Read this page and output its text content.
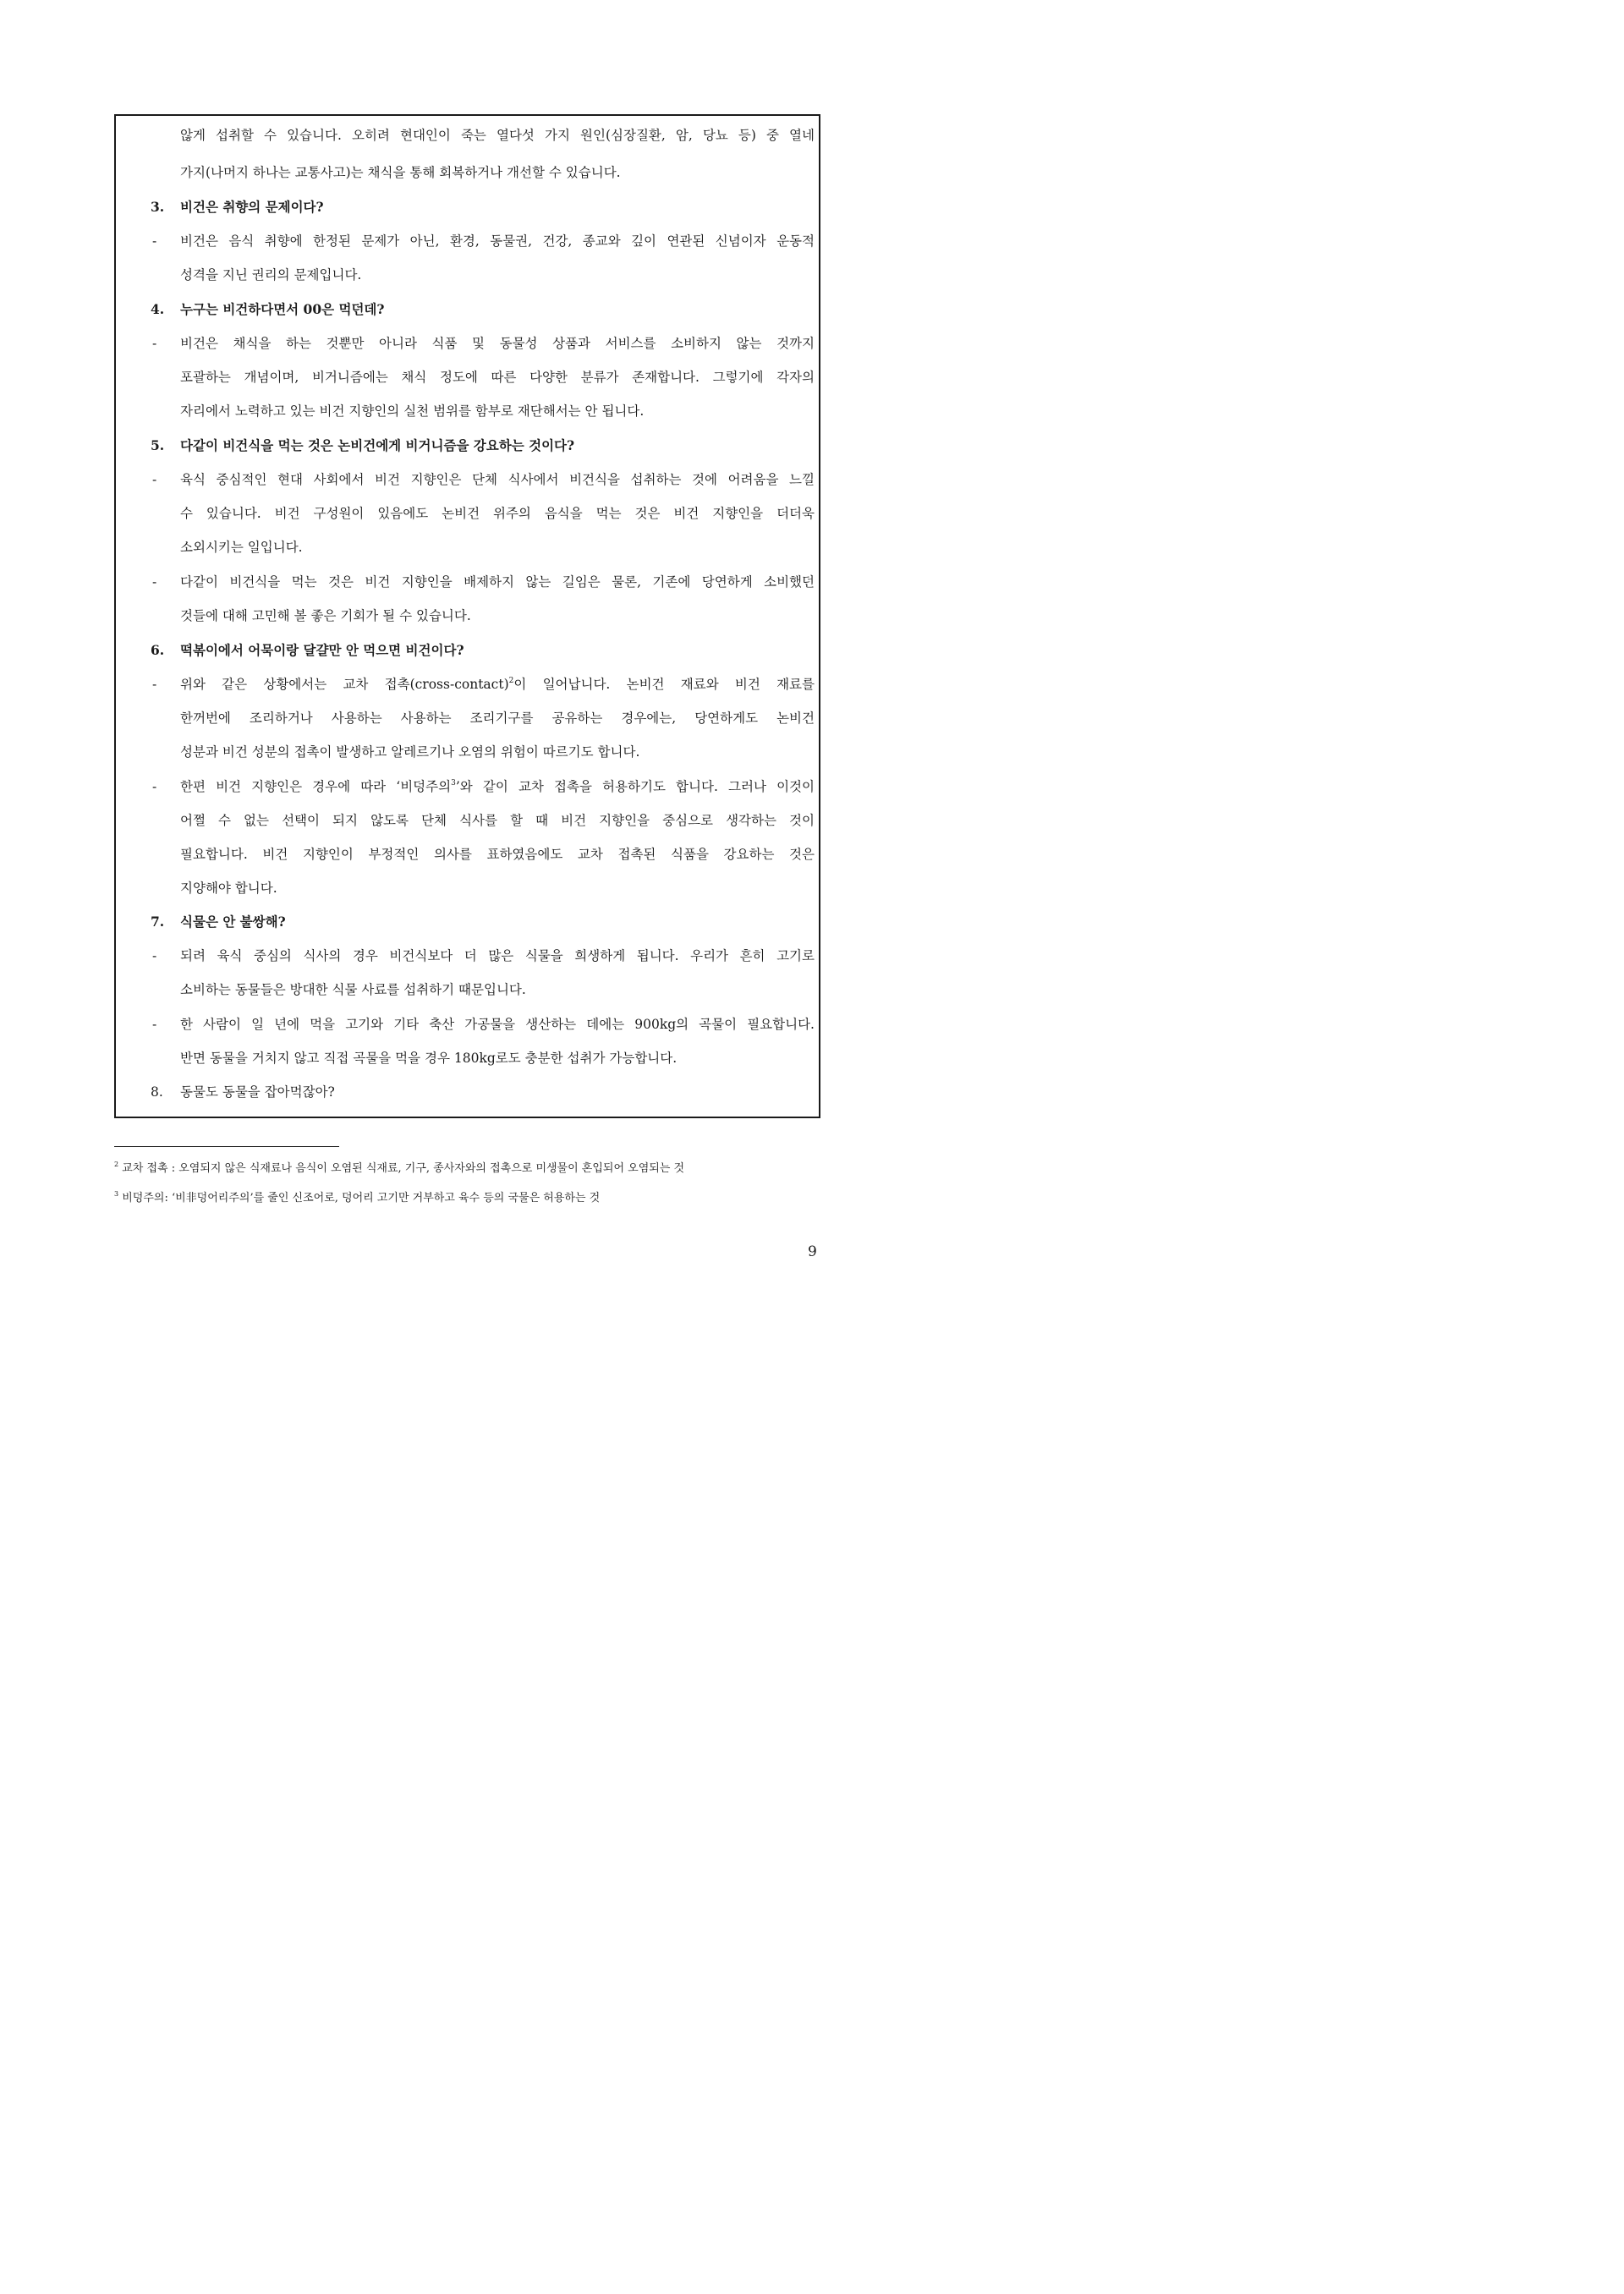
않게 섭취할 수 있습니다. 오히려 현대인이 죽는 열다섯 가지 원인(심장질환, 암, 당뇨 등) 중 열네
가지(나머지 하나는 교통사고)는 채식을 통해 회복하거나 개선할 수 있습니다.
3. 비건은 취향의 문제이다?
- 비건은 음식 취향에 한정된 문제가 아닌, 환경, 동물권, 건강, 종교와 깊이 연관된 신념이자 운동적
성격을 지닌 권리의 문제입니다.
4. 누구는 비건하다면서 00은 먹던데?
- 비건은 채식을 하는 것뿐만 아니라 식품 및 동물성 상품과 서비스를 소비하지 않는 것까지
포괄하는 개념이며, 비거니즘에는 채식 정도에 따른 다양한 분류가 존재합니다. 그렇기에 각자의
자리에서 노력하고 있는 비건 지향인의 실천 범위를 함부로 재단해서는 안 됩니다.
5. 다같이 비건식을 먹는 것은 논비건에게 비거니즘을 강요하는 것이다?
- 육식 중심적인 현대 사회에서 비건 지향인은 단체 식사에서 비건식을 섭취하는 것에 어려움을 느낄
수 있습니다. 비건 구성원이 있음에도 논비건 위주의 음식을 먹는 것은 비건 지향인을 더더욱
소외시키는 일입니다.
- 다같이 비건식을 먹는 것은 비건 지향인을 배제하지 않는 길임은 물론, 기존에 당연하게 소비했던
것들에 대해 고민해 볼 좋은 기회가 될 수 있습니다.
6. 떡볶이에서 어묵이랑 달걀만 안 먹으면 비건이다?
- 위와 같은 상황에서는 교차 접촉(cross-contact)$^2$이 일어납니다. 논비건 재료와 비건 재료를
한꺼번에 조리하거나 사용하는 사용하는 조리기구를 공유하는 경우에는, 당연하게도 논비건
성분과 비건 성분의 접촉이 발생하고 알레르기나 오염의 위험이 따르기도 합니다.
- 한편 비건 지향인은 경우에 따라 ‘비덩주의$^3$’와 같이 교차 접촉을 허용하기도 합니다. 그러나 이것이
어쩔 수 없는 선택이 되지 않도록 단체 식사를 할 때 비건 지향인을 중심으로 생각하는 것이
필요합니다. 비건 지향인이 부정적인 의사를 표하였음에도 교차 접촉된 식품을 강요하는 것은
지양해야 합니다.
7. 식물은 안 불쌍해?
- 되려 육식 중심의 식사의 경우 비건식보다 더 많은 식물을 희생하게 됩니다. 우리가 흔히 고기로
소비하는 동물들은 방대한 식물 사료를 섭취하기 때문입니다.
- 한 사람이 일 년에 먹을 고기와 기타 축산 가공물을 생산하는 데에는 900kg의 곡물이 필요합니다.
반면 동물을 거치지 않고 직접 곡물을 먹을 경우 180kg로도 충분한 섭취가 가능합니다.
8. 동물도 동물을 잡아먹잖아?
$^2$ 교차 접촉 : 오염되지 않은 식재료나 음식이 오염된 식재료, 기구, 종사자와의 접촉으로 미생물이 혼입되어 오염되는 것
$^3$ 비덩주의: ‘비非덩어리주의’를 줄인 신조어로, 덩어리 고기만 거부하고 육수 등의 국물은 허용하는 것
9
